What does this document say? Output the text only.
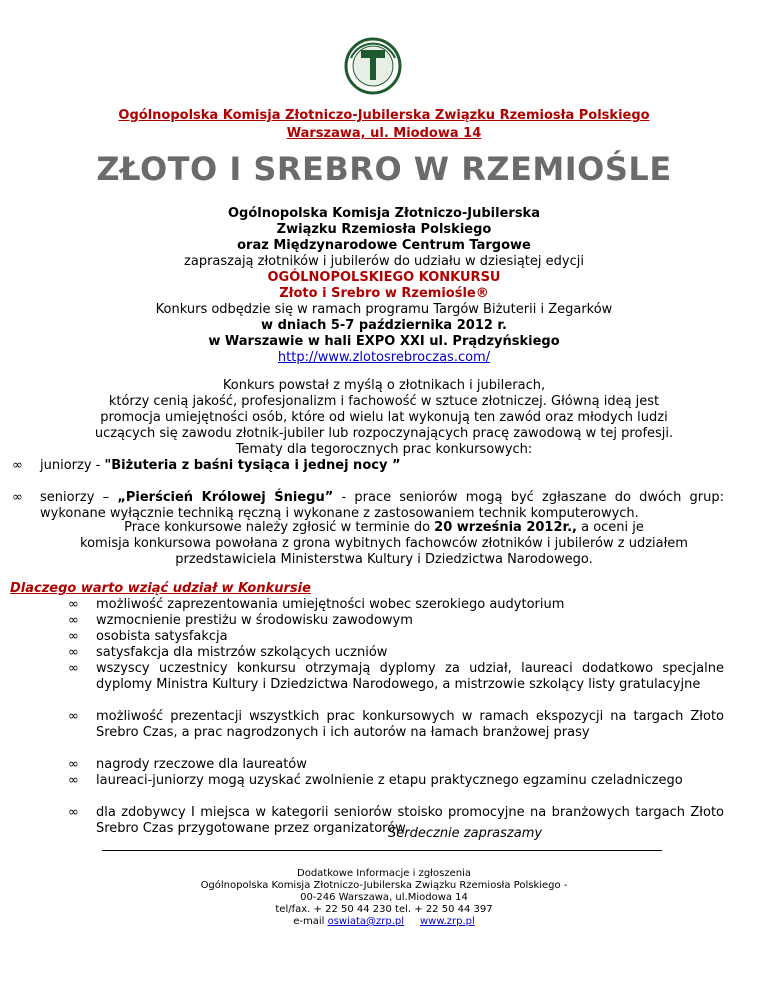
Ogólnopolska Komisja Złotniczo-Jubilerska Związku Rzemiosła Polskiego
Warszawa, ul. Miodowa 14
ZŁOTO I SREBRO W RZEMIOŚLE
Ogólnopolska Komisja Złotniczo-Jubilerska
Związku Rzemiosła Polskiego
oraz Międzynarodowe Centrum Targowe
zapraszają złotników i jubilerów do udziału w dziesiątej edycji
OGÓLNOPOLSKIEGO KONKURSU
Złoto i Srebro w Rzemiośle®
Konkurs odbędzie się w ramach programu Targów Biżuterii i Zegarków
w dniach 5-7 października 2012 r.
w Warszawie w hali EXPO XXI ul. Prądzyńskiego
http://www.zlotosrebroczas.com/
Konkurs powstał z myślą o złotnikach i jubilerach,
którzy cenią jakość, profesjonalizm i fachowość w sztuce złotniczej. Główną ideą jest
promocja umiejętności osób, które od wielu lat wykonują ten zawód oraz młodych ludzi
uczących się zawodu złotnik-jubiler lub rozpoczynających pracę zawodową w tej profesji.
Tematy dla tegorocznych prac konkursowych:
∞ juniorzy - "Biżuteria z baśni tysiąca i jednej nocy ”
∞ seniorzy – „Pierścień Królowej Śniegu” - prace seniorów mogą być zgłaszane do dwóch grup: wykonane wyłącznie techniką ręczną i wykonane z zastosowaniem technik komputerowych.
Prace konkursowe należy zgłosić w terminie do 20 września 2012r., a oceni je
komisja konkursowa powołana z grona wybitnych fachowców złotników i jubilerów z udziałem
przedstawiciela Ministerstwa Kultury i Dziedzictwa Narodowego.
Dlaczego warto wziąć udział w Konkursie
∞ możliwość zaprezentowania umiejętności wobec szerokiego audytorium
∞ wzmocnienie prestiżu w środowisku zawodowym
∞ osobista satysfakcja
∞ satysfakcja dla mistrzów szkolących uczniów
∞ wszyscy uczestnicy konkursu otrzymają dyplomy za udział, laureaci dodatkowo specjalne dyplomy Ministra Kultury i Dziedzictwa Narodowego, a mistrzowie szkolący listy gratulacyjne
∞ możliwość prezentacji wszystkich prac konkursowych w ramach ekspozycji na targach Złoto Srebro Czas, a prac nagrodzonych i ich autorów na łamach branżowej prasy
∞ nagrody rzeczowe dla laureatów
∞ laureaci-juniorzy mogą uzyskać zwolnienie z etapu praktycznego egzaminu czeladniczego
∞ dla zdobywcy I miejsca w kategorii seniorów stoisko promocyjne na branżowych targach Złoto Srebro Czas przygotowane przez organizatorów
Serdecznie zapraszamy
Dodatkowe Informacje i zgłoszenia
Ogólnopolska Komisja Złotniczo-Jubilerska Związku Rzemiosła Polskiego -
00-246 Warszawa, ul.Miodowa 14
tel/fax. + 22 50 44 230 tel. + 22 50 44 397
e-mail oswiata@zrp.pl www.zrp.pl
